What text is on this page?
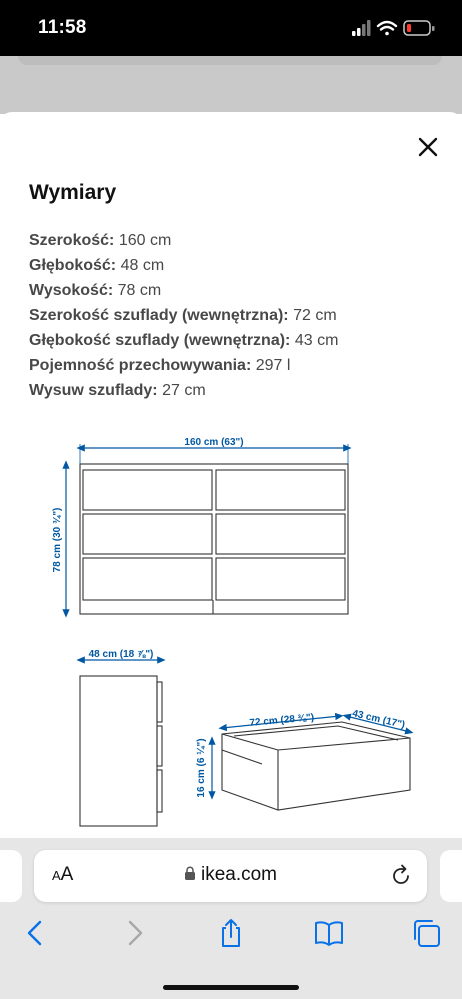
11:58
Wymiary
Szerokość: 160 cm
Głębokość: 48 cm
Wysokość: 78 cm
Szerokość szuflady (wewnętrzna): 72 cm
Głębokość szuflady (wewnętrzna): 43 cm
Pojemność przechowywania: 297 l
Wysuw szuflady: 27 cm
160 cm (63")
78 cm (30 ¾")
48 cm (18 ⅞")
72 cm (28 ⅜")	43 cm (17")
16 cm (6 ¼")
AA	ikea.com
